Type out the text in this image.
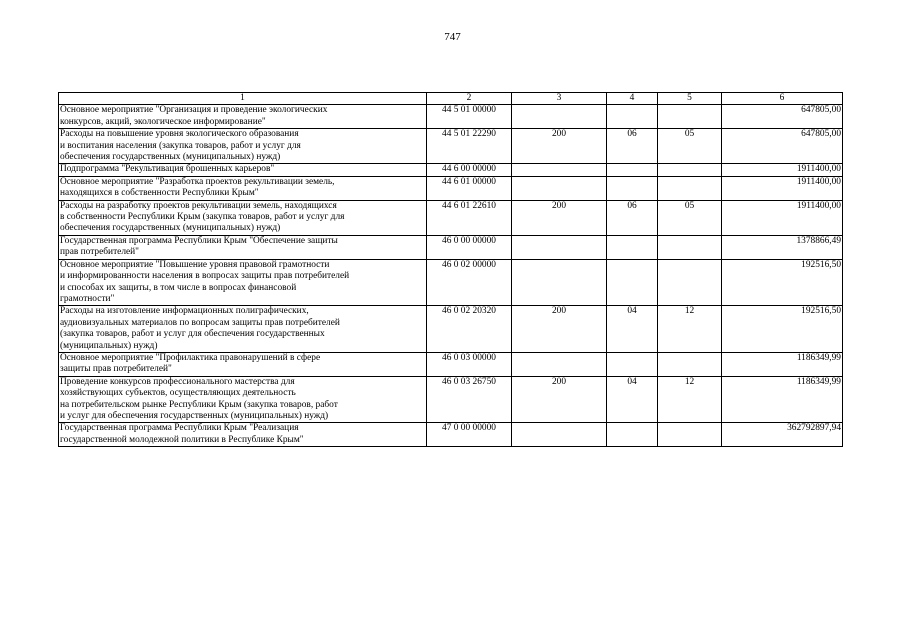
747
1	2	3	4	5	6

Основное мероприятие "Организация и проведение экологических
конкурсов, акций, экологическое информирование"	44 5 01 00000				647805,00

Расходы на повышение уровня экологического образования
и воспитания населения (закупка товаров, работ и услуг для
обеспечения государственных (муниципальных) нужд)	44 5 01 22290	200	06	05	647805,00

Подпрограмма "Рекультивация брошенных карьеров"	44 6 00 00000				1911400,00

Основное мероприятие "Разработка проектов рекультивации земель,
находящихся в собственности Республики Крым"	44 6 01 00000				1911400,00

Расходы на разработку проектов рекультивации земель, находящихся
в собственности Республики Крым (закупка товаров, работ и услуг для
обеспечения государственных (муниципальных) нужд)	44 6 01 22610	200	06	05	1911400,00

Государственная программа Республики Крым "Обеспечение защиты
прав потребителей"	46 0 00 00000				1378866,49

Основное мероприятие "Повышение уровня правовой грамотности
и информированности населения в вопросах защиты прав потребителей
и способах их защиты, в том числе в вопросах финансовой
грамотности"	46 0 02 00000				192516,50

Расходы на изготовление информационных полиграфических,
аудиовизуальных материалов по вопросам защиты прав потребителей
(закупка товаров, работ и услуг для обеспечения государственных
(муниципальных) нужд)	46 0 02 20320	200	04	12	192516,50

Основное мероприятие "Профилактика правонарушений в сфере
защиты прав потребителей"	46 0 03 00000				1186349,99

Проведение конкурсов профессионального мастерства для
хозяйствующих субъектов, осуществляющих деятельность
на потребительском рынке Республики Крым (закупка товаров, работ
и услуг для обеспечения государственных (муниципальных) нужд)	46 0 03 26750	200	04	12	1186349,99

Государственная программа Республики Крым "Реализация
государственной молодежной политики в Республике Крым"	47 0 00 00000				362792897,94
